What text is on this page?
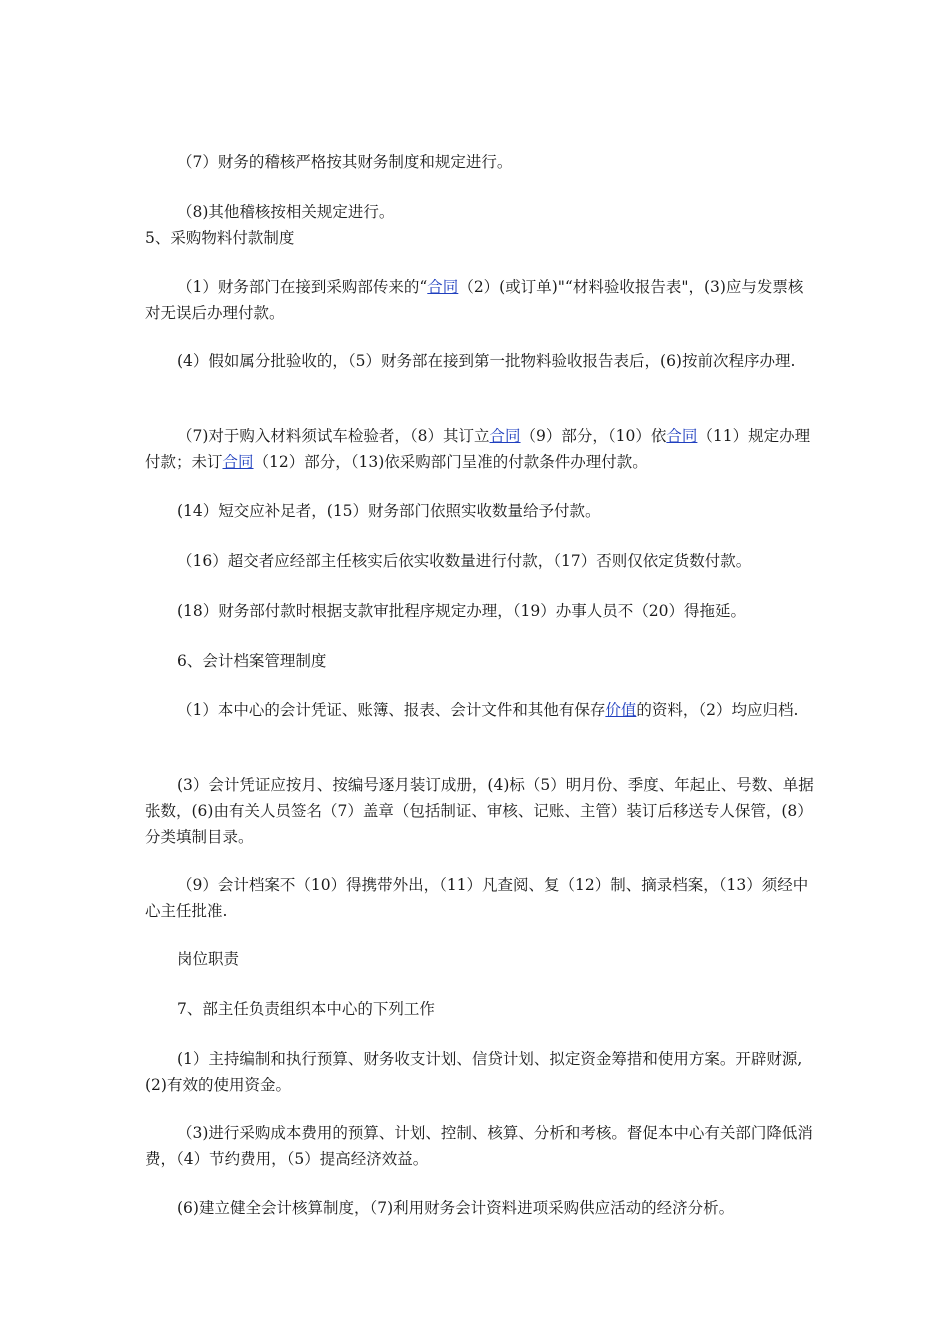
（7）财务的稽核严格按其财务制度和规定进行。

（8)其他稽核按相关规定进行。

5、采购物料付款制度

（1）财务部门在接到采购部传来的“合同（2）(或订单)"“材料验收报告表"，(3)应与发票核对无误后办理付款。

(4）假如属分批验收的，（5）财务部在接到第一批物料验收报告表后，(6)按前次程序办理.

（7)对于购入材料须试车检验者，（8）其订立合同（9）部分，（10）依合同（11）规定办理付款；未订合同（12）部分，（13)依采购部门呈准的付款条件办理付款。

(14）短交应补足者，(15）财务部门依照实收数量给予付款。

（16）超交者应经部主任核实后依实收数量进行付款，（17）否则仅依定货数付款。

(18）财务部付款时根据支款审批程序规定办理，（19）办事人员不（20）得拖延。

6、会计档案管理制度

（1）本中心的会计凭证、账簿、报表、会计文件和其他有保存价值的资料，（2）均应归档.

(3）会计凭证应按月、按编号逐月装订成册，(4)标（5）明月份、季度、年起止、号数、单据张数，(6)由有关人员签名（7）盖章（包括制证、审核、记账、主管）装订后移送专人保管，(8）分类填制目录。

（9）会计档案不（10）得携带外出，（11）凡查阅、复（12）制、摘录档案，（13）须经中心主任批准.

岗位职责

7、部主任负责组织本中心的下列工作

(1）主持编制和执行预算、财务收支计划、信贷计划、拟定资金筹措和使用方案。开辟财源,(2)有效的使用资金。

（3)进行采购成本费用的预算、计划、控制、核算、分析和考核。督促本中心有关部门降低消费，（4）节约费用，（5）提高经济效益。

(6)建立健全会计核算制度，（7)利用财务会计资料进项采购供应活动的经济分析。
